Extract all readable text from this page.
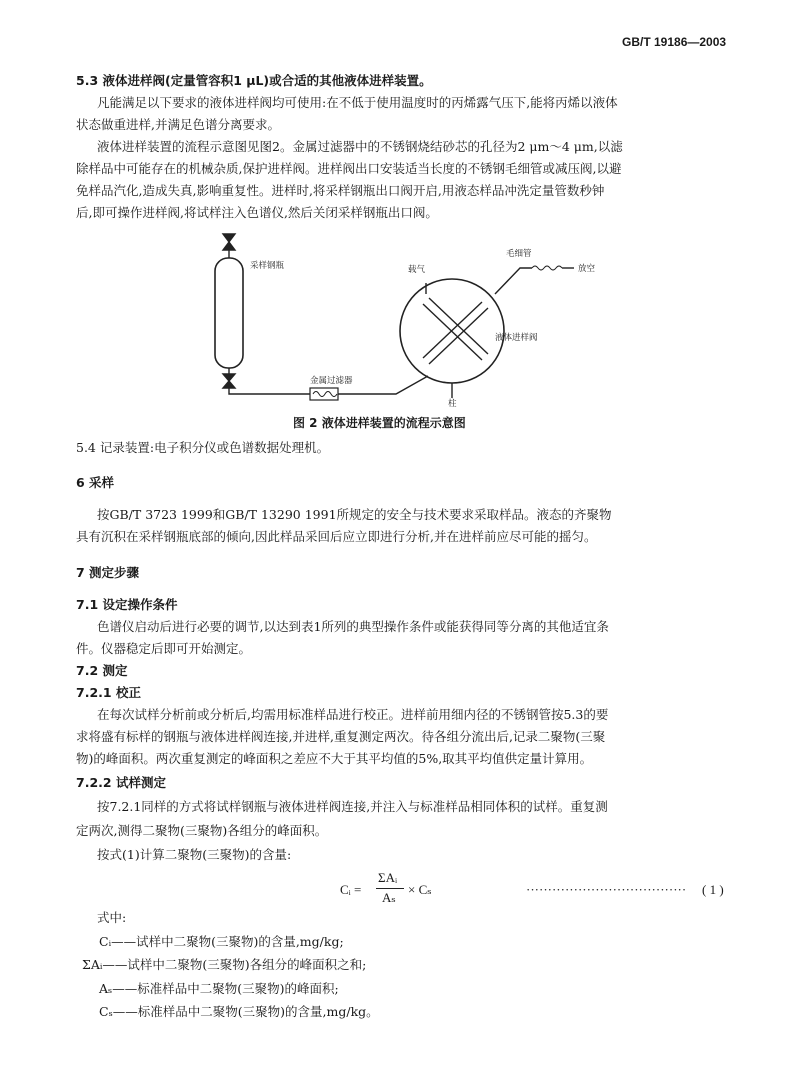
GB/T 19186—2003
5.3 液体进样阀(定量管容积1 μL)或合适的其他液体进样装置。
凡能满足以下要求的液体进样阀均可使用:在不低于使用温度时的丙烯露气压下,能将丙烯以液体
状态做重进样,并满足色谱分离要求。
液体进样装置的流程示意图见图2。金属过滤器中的不锈钢烧结砂芯的孔径为2 μm～4 μm,以滤
除样品中可能存在的机械杂质,保护进样阀。进样阀出口安装适当长度的不锈钢毛细管或减压阀,以避
免样品汽化,造成失真,影响重复性。进样时,将采样钢瓶出口阀开启,用液态样品冲洗定量管数秒钟
后,即可操作进样阀,将试样注入色谱仪,然后关闭采样钢瓶出口阀。
采样钢瓶	载气
毛细管
放空
液体进样阀
金属过滤器
柱
图 2 液体进样装置的流程示意图
5.4 记录装置:电子积分仪或色谱数据处理机。
6 采样
按GB/T 3723 1999和GB/T 13290 1991所规定的安全与技术要求采取样品。液态的齐聚物
具有沉积在采样钢瓶底部的倾向,因此样品采回后应立即进行分析,并在进样前应尽可能的摇匀。
7 测定步骤
7.1 设定操作条件
色谱仪启动后进行必要的调节,以达到表1所列的典型操作条件或能获得同等分离的其他适宜条
件。仪器稳定后即可开始测定。
7.2 测定
7.2.1 校正
在每次试样分析前或分析后,均需用标准样品进行校正。进样前用细内径的不锈钢管按5.3的要
求将盛有标样的钢瓶与液体进样阀连接,并进样,重复测定两次。待各组分流出后,记录二聚物(三聚
物)的峰面积。两次重复测定的峰面积之差应不大于其平均值的5%,取其平均值供定量计算用。
7.2.2 试样测定
按7.2.1同样的方式将试样钢瓶与液体进样阀连接,并注入与标准样品相同体积的试样。重复测
定两次,测得二聚物(三聚物)各组分的峰面积。
按式(1)计算二聚物(三聚物)的含量:
Cᵢ =
ΣAᵢ
Aₛ
× Cₛ	····································· ( 1 )
式中:
Cᵢ——试样中二聚物(三聚物)的含量,mg/kg;
ΣAᵢ——试样中二聚物(三聚物)各组分的峰面积之和;
Aₛ——标准样品中二聚物(三聚物)的峰面积;
Cₛ——标准样品中二聚物(三聚物)的含量,mg/kg。
